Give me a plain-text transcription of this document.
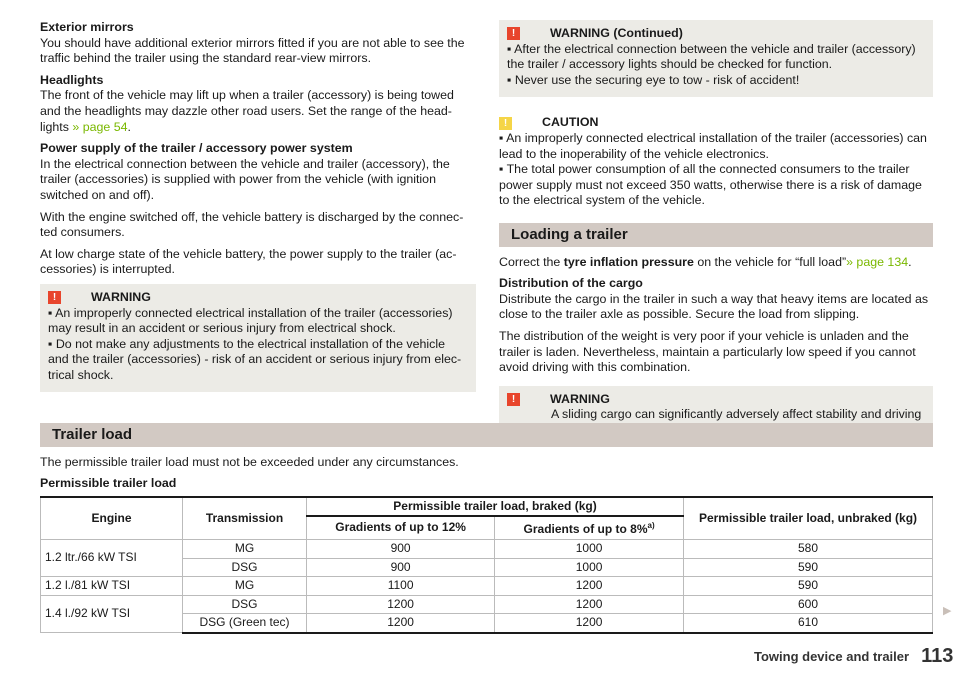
Exterior mirrors
You should have additional exterior mirrors fitted if you are not able to see the traffic behind the trailer using the standard rear-view mirrors.

Headlights
The front of the vehicle may lift up when a trailer (accessory) is being towed and the headlights may dazzle other road users. Set the range of the head-lights » page 54.

Power supply of the trailer / accessory power system
In the electrical connection between the vehicle and trailer (accessory), the trailer (accessories) is supplied with power from the vehicle (with ignition switched on and off).

With the engine switched off, the vehicle battery is discharged by the connec-ted consumers.

At low charge state of the vehicle battery, the power supply to the trailer (ac-cessories) is interrupted.

!	WARNING

▪ An improperly connected electrical installation of the trailer (accessories) may result in an accident or serious injury from electrical shock.

▪ Do not make any adjustments to the electrical installation of the vehicle and the trailer (accessories) - risk of an accident or serious injury from elec-trical shock.

!	WARNING (Continued)

▪ After the electrical connection between the vehicle and trailer (accessory) the trailer / accessory lights should be checked for function.

▪ Never use the securing eye to tow - risk of accident!

!	CAUTION

▪ An improperly connected electrical installation of the trailer (accessories) can lead to the inoperability of the vehicle electronics.

▪ The total power consumption of all the connected consumers to the trailer power supply must not exceed 350 watts, otherwise there is a risk of damage to the electrical system of the vehicle.

Loading a trailer

Correct the tyre inflation pressure on the vehicle for “full load”» page 134.

Distribution of the cargo
Distribute the cargo in the trailer in such a way that heavy items are located as close to the trailer axle as possible. Secure the load from slipping.

The distribution of the weight is very poor if your vehicle is unladen and the trailer is laden. Nevertheless, maintain a particularly low speed if you cannot avoid driving with this combination.

!	WARNING

A sliding cargo can significantly adversely affect stability and driving

Trailer load

The permissible trailer load must not be exceeded under any circumstances.

Permissible trailer load

Engine	Transmission	Permissible trailer load, braked (kg)		Permissible trailer load, unbraked (kg)
		Gradients of up to 12%	Gradients of up to 8%$^{a)}$
1.2 ltr./66 kW TSI	MG	900	1000	580
	DSG	900	1000	590
1.2 l./81 kW TSI	MG	1100	1200	590
1.4 l./92 kW TSI	DSG	1200	1200	600
	DSG (Green tec)	1200	1200	610
▶
Towing device and trailer 113
